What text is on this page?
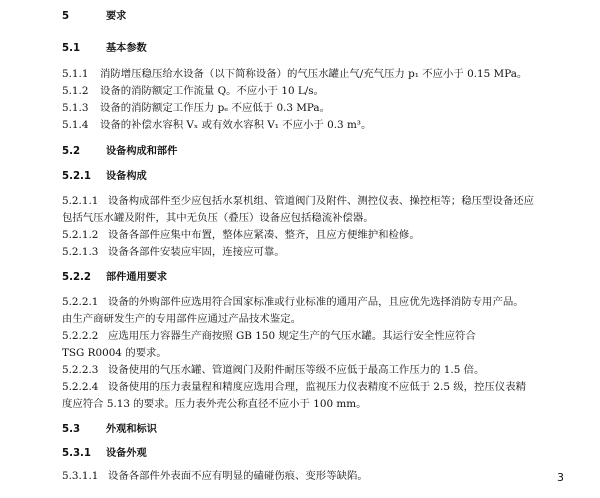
5	要求
5.1	基本参数
5.1.1 消防增压稳压给水设备（以下简称设备）的气压水罐止气/充气压力 p₁ 不应小于 0.15 MPa。
5.1.2 设备的消防额定工作流量 Q。不应小于 10 L/s。
5.1.3 设备的消防额定工作压力 pₑ 不应低于 0.3 MPa。
5.1.4 设备的补偿水容积 Vₓ 或有效水容积 V₁ 不应小于 0.3 m³。
5.2	设备构成和部件
5.2.1 设备构成
5.2.1.1 设备构成部件至少应包括水泵机组、管道阀门及附件、测控仪表、操控柜等；稳压型设备还应
包括气压水罐及附件，其中无负压（叠压）设备应包括稳流补偿器。
5.2.1.2 设备各部件应集中布置，整体应紧凑、整齐，且应方便维护和检修。
5.2.1.3 设备各部件安装应牢固，连接应可靠。
5.2.2 部件通用要求
5.2.2.1 设备的外购部件应选用符合国家标准或行业标准的通用产品，且应优先选择消防专用产品。
由生产商研发生产的专用部件应通过产品技术鉴定。
5.2.2.2 应选用压力容器生产商按照 GB 150 规定生产的气压水罐。其运行安全性应符合
TSG R0004 的要求。
5.2.2.3 设备使用的气压水罐、管道阀门及附件耐压等级不应低于最高工作压力的 1.5 倍。
5.2.2.4 设备使用的压力表量程和精度应选用合理，监视压力仪表精度不应低于 2.5 级，控压仪表精
度应符合 5.13 的要求。压力表外壳公称直径不应小于 100 mm。
5.3	外观和标识
5.3.1 设备外观
5.3.1.1 设备各部件外表面不应有明显的磕碰伤痕、变形等缺陷。	3
